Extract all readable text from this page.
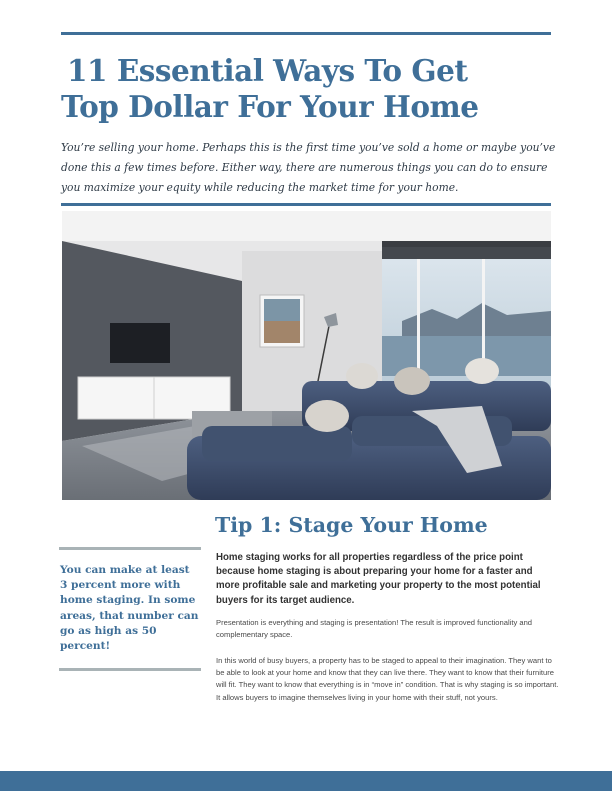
11 Essential Ways To Get
Top Dollar For Your Home

You’re selling your home. Perhaps this is the first time you’ve sold a home or maybe you’ve done this a few times before. Either way, there are numerous things you can do to ensure you maximize your equity while reducing the market time for your home.

Tip 1: Stage Your Home

You can make at least 3 percent more with home staging. In some areas, that number can go as high as 50 percent!

Home staging works for all properties regardless of the price point because home staging is about preparing your home for a faster and more profitable sale and marketing your property to the most potential buyers for its target audience.

Presentation is everything and staging is presentation! The result is improved functionality and complementary space.

In this world of busy buyers, a property has to be staged to appeal to their imagination. They want to be able to look at your home and know that they can live there. They want to know that their furniture will fit. They want to know that everything is in “move in” condition. That is why staging is so important. It allows buyers to imagine themselves living in your home with their stuff, not yours.
